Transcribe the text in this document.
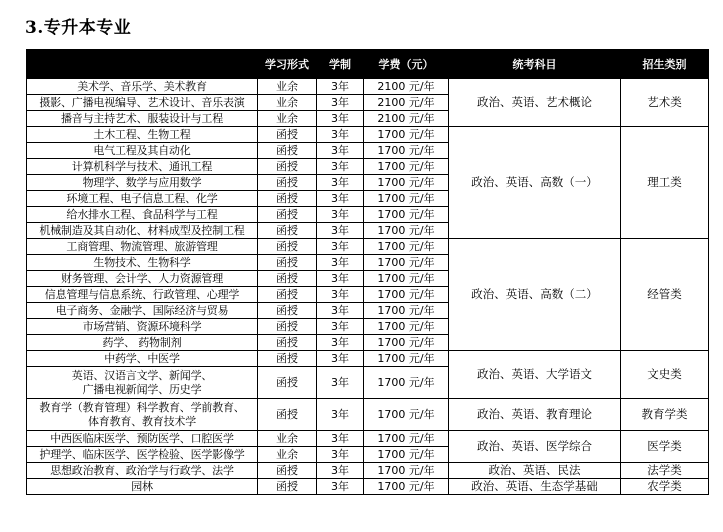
3.专升本专业
	学习形式	学制	学费（元）	统考科目	招生类别
美术学、音乐学、美术教育	业余	3年	2100 元/年	政治、英语、艺术概论	艺术类
摄影、广播电视编导、艺术设计、音乐表演	业余	3年	2100 元/年		
播音与主持艺术、服装设计与工程	业余	3年	2100 元/年		
土木工程、生物工程	函授	3年	1700 元/年	政治、英语、高数（一）	理工类
电气工程及其自动化	函授	3年	1700 元/年		
计算机科学与技术、通讯工程	函授	3年	1700 元/年		
物理学、数学与应用数学	函授	3年	1700 元/年		
环境工程、电子信息工程、化学	函授	3年	1700 元/年		
给水排水工程、食品科学与工程	函授	3年	1700 元/年		
机械制造及其自动化、材料成型及控制工程	函授	3年	1700 元/年		
工商管理、物流管理、旅游管理	函授	3年	1700 元/年	政治、英语、高数（二）	经管类
生物技术、生物科学	函授	3年	1700 元/年		
财务管理、会计学、人力资源管理	函授	3年	1700 元/年		
信息管理与信息系统、行政管理、心理学	函授	3年	1700 元/年		
电子商务、金融学、国际经济与贸易	函授	3年	1700 元/年		
市场营销、资源环境科学	函授	3年	1700 元/年		
药学、 药物制剂	函授	3年	1700 元/年		
中药学、中医学	函授	3年	1700 元/年	政治、英语、大学语文	文史类
英语、汉语言文学、新闻学、
广播电视新闻学、历史学	函授	3年	1700 元/年		
教育学（教育管理）科学教育、学前教育、
体育教育、教育技术学	函授	3年	1700 元/年	政治、英语、教育理论	教育学类
中西医临床医学、预防医学、口腔医学	业余	3年	1700 元/年	政治、英语、医学综合	医学类
护理学、临床医学、医学检验、医学影像学	业余	3年	1700 元/年		
思想政治教育、政治学与行政学、法学	函授	3年	1700 元/年	政治、英语、民法	法学类
园林	函授	3年	1700 元/年	政治、英语、生态学基础	农学类
